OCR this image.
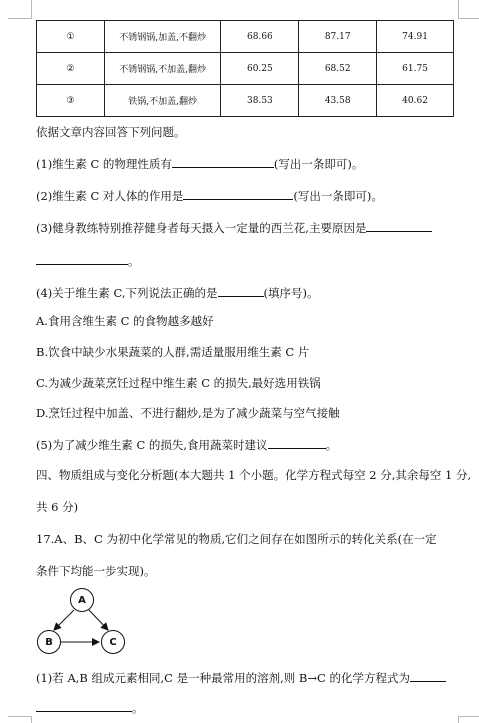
①	不锈钢锅,加盖,不翻炒	68.66	87.17	74.91
②	不锈钢锅,不加盖,翻炒	60.25	68.52	61.75
③	铁锅,不加盖,翻炒	38.53	43.58	40.62
依据文章内容回答下列问题。
(1)维生素 C 的物理性质有	(写出一条即可)。
(2)维生素 C 对人体的作用是	(写出一条即可)。
(3)健身教练特别推荐健身者每天摄入一定量的西兰花,主要原因是
。
(4)关于维生素 C,下列说法正确的是	(填序号)。
A.食用含维生素 C 的食物越多越好
B.饮食中缺少水果蔬菜的人群,需适量服用维生素 C 片
C.为减少蔬菜烹饪过程中维生素 C 的损失,最好选用铁锅
D.烹饪过程中加盖、不进行翻炒,是为了减少蔬菜与空气接触
(5)为了减少维生素 C 的损失,食用蔬菜时建议	。
四、物质组成与变化分析题(本大题共 1 个小题。化学方程式每空 2 分,其余每空 1 分,
共 6 分)
17.A、B、C 为初中化学常见的物质,它们之间存在如图所示的转化关系(在一定
条件下均能一步实现)。
A
B	C
(1)若 A,B 组成元素相同,C 是一种最常用的溶剂,则 B→C 的化学方程式为
。
